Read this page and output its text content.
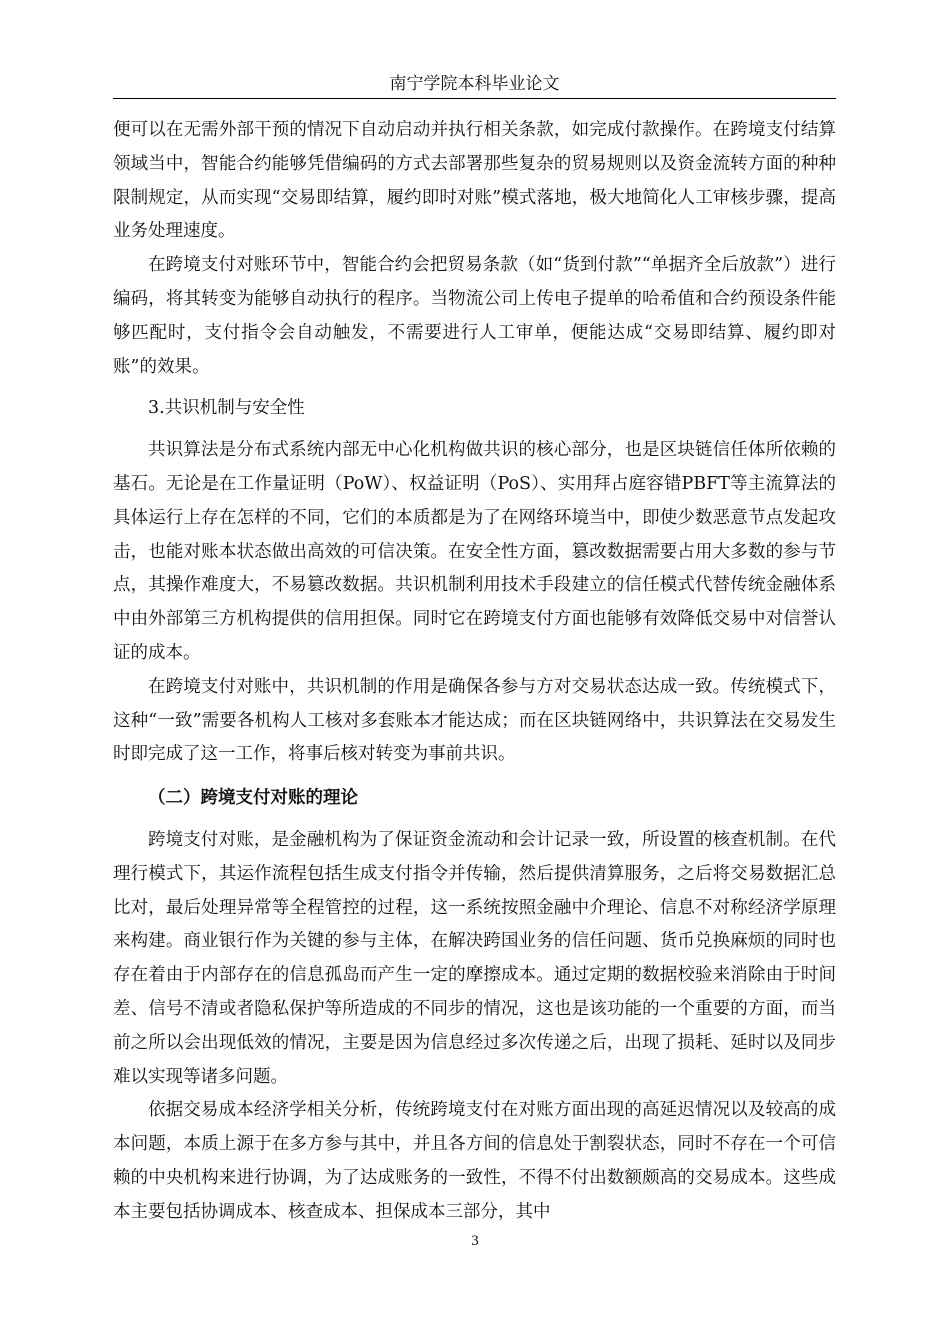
南宁学院本科毕业论文

便可以在无需外部干预的情况下自动启动并执行相关条款，如完成付款操作。在跨境支付结算领域当中，智能合约能够凭借编码的方式去部署那些复杂的贸易规则以及资金流转方面的种种限制规定，从而实现“交易即结算，履约即时对账”模式落地，极大地简化人工审核步骤，提高业务处理速度。

在跨境支付对账环节中，智能合约会把贸易条款（如“货到付款”“单据齐全后放款”）进行编码，将其转变为能够自动执行的程序。当物流公司上传电子提单的哈希值和合约预设条件能够匹配时，支付指令会自动触发，不需要进行人工审单，便能达成“交易即结算、履约即对账”的效果。

3.共识机制与安全性

共识算法是分布式系统内部无中心化机构做共识的核心部分，也是区块链信任体所依赖的基石。无论是在工作量证明（PoW）、权益证明（PoS）、实用拜占庭容错PBFT等主流算法的具体运行上存在怎样的不同，它们的本质都是为了在网络环境当中，即使少数恶意节点发起攻击，也能对账本状态做出高效的可信决策。在安全性方面，篡改数据需要占用大多数的参与节点，其操作难度大，不易篡改数据。共识机制利用技术手段建立的信任模式代替传统金融体系中由外部第三方机构提供的信用担保。同时它在跨境支付方面也能够有效降低交易中对信誉认证的成本。

在跨境支付对账中，共识机制的作用是确保各参与方对交易状态达成一致。传统模式下，这种“一致”需要各机构人工核对多套账本才能达成；而在区块链网络中，共识算法在交易发生时即完成了这一工作，将事后核对转变为事前共识。

（二）跨境支付对账的理论

跨境支付对账，是金融机构为了保证资金流动和会计记录一致，所设置的核查机制。在代理行模式下，其运作流程包括生成支付指令并传输，然后提供清算服务，之后将交易数据汇总比对，最后处理异常等全程管控的过程，这一系统按照金融中介理论、信息不对称经济学原理来构建。商业银行作为关键的参与主体，在解决跨国业务的信任问题、货币兑换麻烦的同时也存在着由于内部存在的信息孤岛而产生一定的摩擦成本。通过定期的数据校验来消除由于时间差、信号不清或者隐私保护等所造成的不同步的情况，这也是该功能的一个重要的方面，而当前之所以会出现低效的情况，主要是因为信息经过多次传递之后，出现了损耗、延时以及同步难以实现等诸多问题。

依据交易成本经济学相关分析，传统跨境支付在对账方面出现的高延迟情况以及较高的成本问题，本质上源于在多方参与其中，并且各方间的信息处于割裂状态，同时不存在一个可信赖的中央机构来进行协调，为了达成账务的一致性，不得不付出数额颇高的交易成本。这些成本主要包括协调成本、核查成本、担保成本三部分，其中

3
